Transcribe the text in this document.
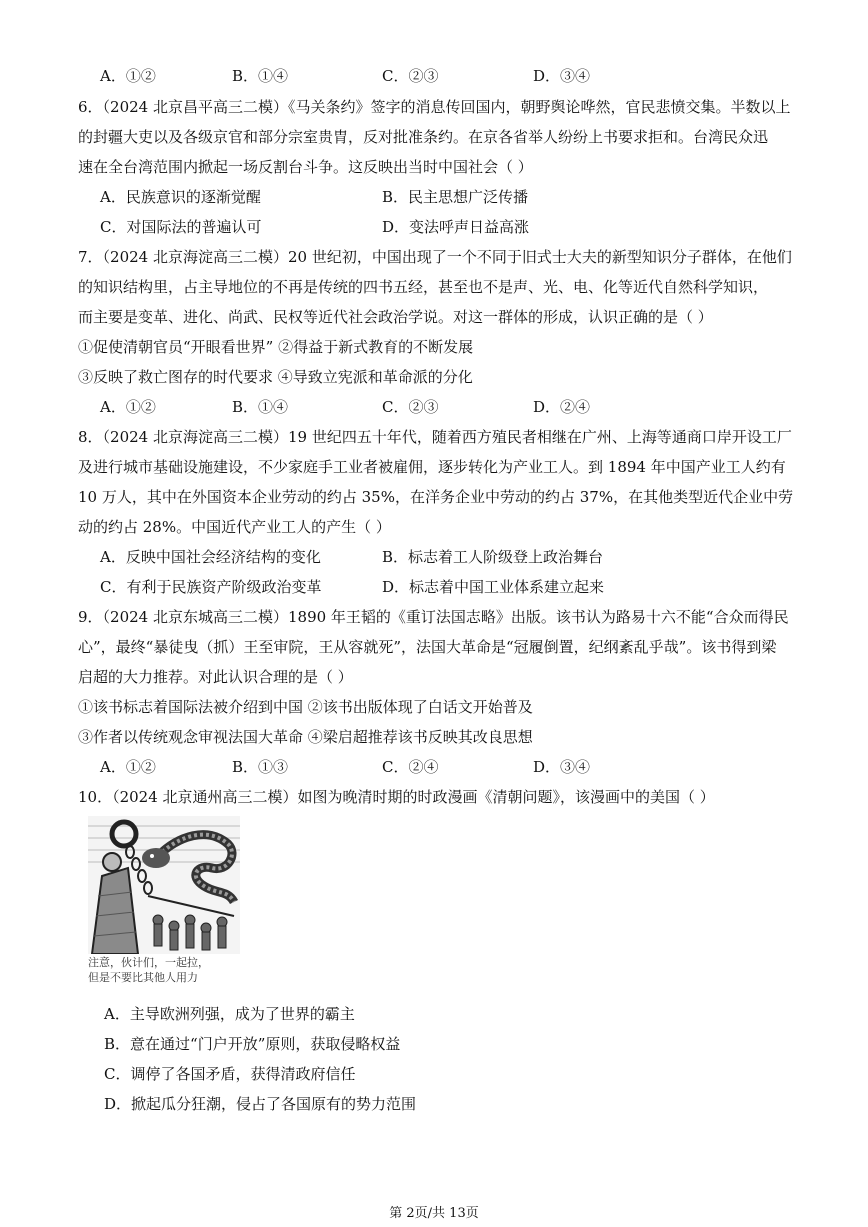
A．①②	B．①④	C．②③	D．③④
6．（2024 北京昌平高三二模）《马关条约》签字的消息传回国内，朝野舆论哗然，官民悲愤交集。半数以上
的封疆大吏以及各级京官和部分宗室贵胄，反对批准条约。在京各省举人纷纷上书要求拒和。台湾民众迅
速在全台湾范围内掀起一场反割台斗争。这反映出当时中国社会（ ）
A．民族意识的逐渐觉醒	B．民主思想广泛传播
C．对国际法的普遍认可	D．变法呼声日益高涨
7．（2024 北京海淀高三二模）20 世纪初，中国出现了一个不同于旧式士大夫的新型知识分子群体，在他们
的知识结构里，占主导地位的不再是传统的四书五经，甚至也不是声、光、电、化等近代自然科学知识，
而主要是变革、进化、尚武、民权等近代社会政治学说。对这一群体的形成，认识正确的是（ ）
①促使清朝官员“开眼看世界” ②得益于新式教育的不断发展
③反映了救亡图存的时代要求 ④导致立宪派和革命派的分化
A．①②	B．①④	C．②③	D．②④
8．（2024 北京海淀高三二模）19 世纪四五十年代，随着西方殖民者相继在广州、上海等通商口岸开设工厂
及进行城市基础设施建设，不少家庭手工业者被雇佣，逐步转化为产业工人。到 1894 年中国产业工人约有
10 万人，其中在外国资本企业劳动的约占 35%，在洋务企业中劳动的约占 37%，在其他类型近代企业中劳
动的约占 28%。中国近代产业工人的产生（ ）
A．反映中国社会经济结构的变化	B．标志着工人阶级登上政治舞台
C．有利于民族资产阶级政治变革	D．标志着中国工业体系建立起来
9．（2024 北京东城高三二模）1890 年王韬的《重订法国志略》出版。该书认为路易十六不能“合众而得民
心”，最终“暴徒曳（抓）王至审院，王从容就死”，法国大革命是“冠履倒置，纪纲紊乱乎哉”。该书得到梁
启超的大力推荐。对此认识合理的是（ ）
①该书标志着国际法被介绍到中国 ②该书出版体现了白话文开始普及
③作者以传统观念审视法国大革命 ④梁启超推荐该书反映其改良思想
A．①②	B．①③	C．②④	D．③④
10．（2024 北京通州高三二模）如图为晚清时期的时政漫画《清朝问题》，该漫画中的美国（ ）
注意，伙计们，一起拉，
但是不要比其他人用力
A．主导欧洲列强，成为了世界的霸主
B．意在通过“门户开放”原则，获取侵略权益
C．调停了各国矛盾，获得清政府信任
D．掀起瓜分狂潮，侵占了各国原有的势力范围
第 2页/共 13页
